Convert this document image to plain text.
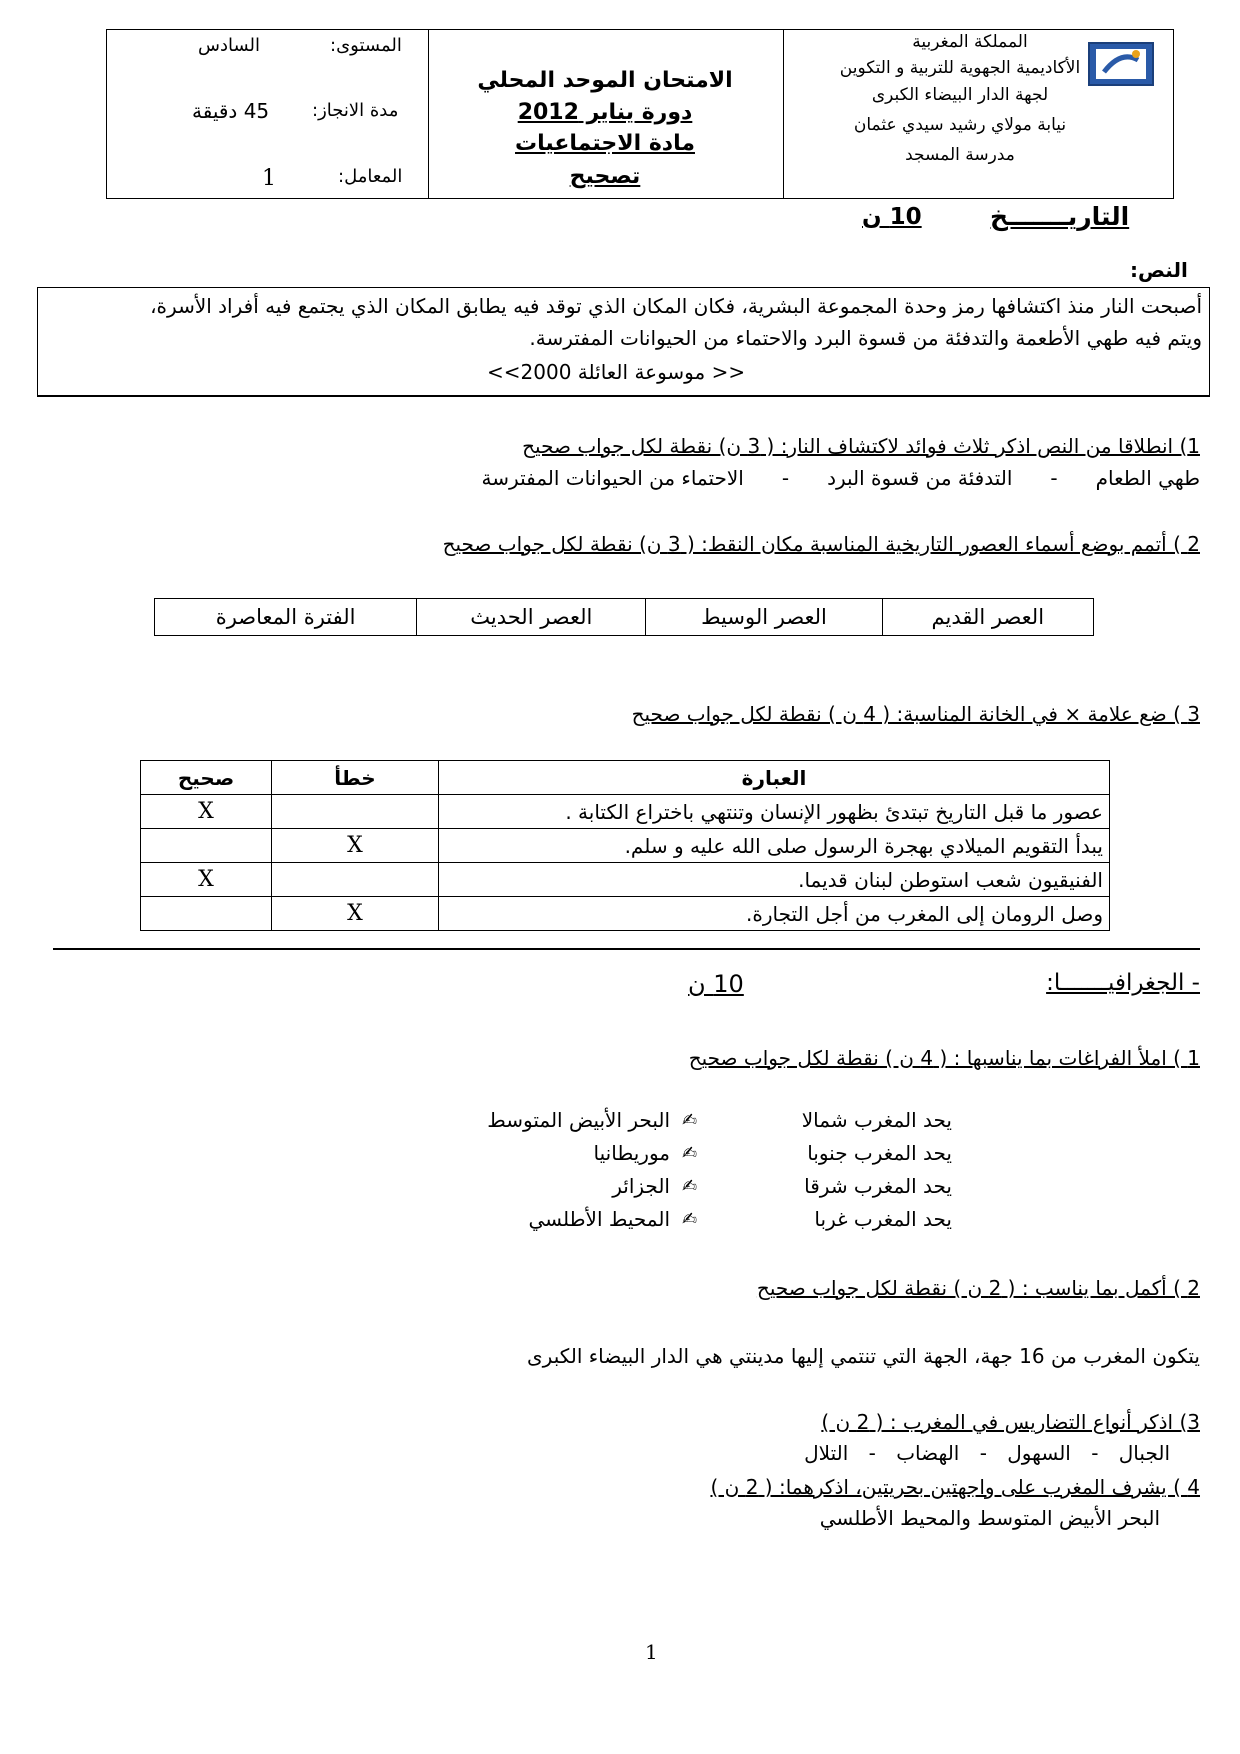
المملكة المغربية
الأكاديمية الجهوية للتربية و التكوين
لجهة الدار البيضاء الكبرى
نيابة مولاي رشيد سيدي عثمان
مدرسة المسجد
الامتحان الموحد المحلي
دورة يناير 2012
مادة الاجتماعيات
تصحيح
المستوى:
السادس
مدة الانجاز:
45 دقيقة
المعامل:
1
التاريـــــــخ
10 ن
النص:
أصبحت النار منذ اكتشافها رمز وحدة المجموعة البشرية، فكان المكان الذي توقد فيه يطابق المكان الذي يجتمع فيه أفراد الأسرة،
ويتم فيه طهي الأطعمة والتدفئة من قسوة البرد والاحتماء من الحيوانات المفترسة.
<< موسوعة العائلة 2000>>
1) انطلاقا من النص اذكر ثلاث فوائد لاكتشاف النار: ( 3 ن) نقطة لكل جواب صحيح
طهي الطعام
-
التدفئة من قسوة البرد
-
الاحتماء من الحيوانات المفترسة
2 ) أتمم بوضع أسماء العصور التاريخية المناسبة مكان النقط: ( 3 ن) نقطة لكل جواب صحيح
العصر القديم	العصر الوسيط	العصر الحديث	الفترة المعاصرة
3 ) ضع علامة × في الخانة المناسبة: ( 4 ن ) نقطة لكل جواب صحيح
العبارة	خطأ	صحيح
عصور ما قبل التاريخ تبتدئ بظهور الإنسان وتنتهي باختراع الكتابة .		X
يبدأ التقويم الميلادي بهجرة الرسول صلى الله عليه و سلم.	X	
الفنيقيون شعب استوطن لبنان قديما.		X
وصل الرومان إلى المغرب من أجل التجارة.	X	
- الجغرافيـــــــا:
10 ن
1 ) املأ الفراغات بما يناسبها : ( 4 ن ) نقطة لكل جواب صحيح
يحد المغرب شمالا
✍
البحر الأبيض المتوسط
يحد المغرب جنوبا
✍
موريطانيا
يحد المغرب شرقا
✍
الجزائر
يحد المغرب غربا
✍
المحيط الأطلسي
2 ) أكمل بما يناسب : ( 2 ن ) نقطة لكل جواب صحيح
يتكون المغرب من 16 جهة، الجهة التي تنتمي إليها مدينتي هي الدار البيضاء الكبرى
3) اذكر أنواع التضاريس في المغرب : ( 2 ن )
الجبال - السهول - الهضاب - التلال
4 ) يشرف المغرب على واجهتين بحريتين، اذكرهما: ( 2 ن )
البحر الأبيض المتوسط والمحيط الأطلسي
1
